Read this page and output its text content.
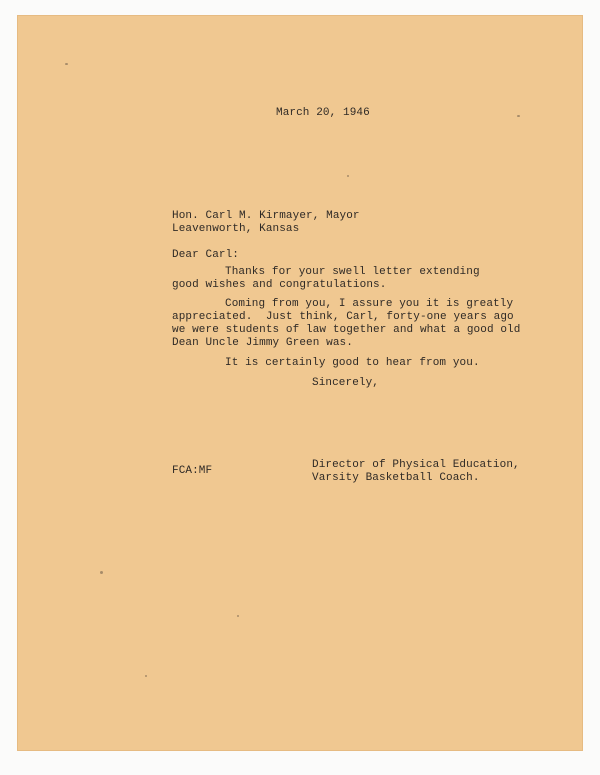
March 20, 1946
Hon. Carl M. Kirmayer, Mayor
Leavenworth, Kansas
Dear Carl:
Thanks for your swell letter extending
good wishes and congratulations.
Coming from you, I assure you it is greatly
appreciated.  Just think, Carl, forty-one years ago
we were students of law together and what a good old
Dean Uncle Jimmy Green was.
It is certainly good to hear from you.
Sincerely,
Director of Physical Education,
Varsity Basketball Coach.
FCA:MF
